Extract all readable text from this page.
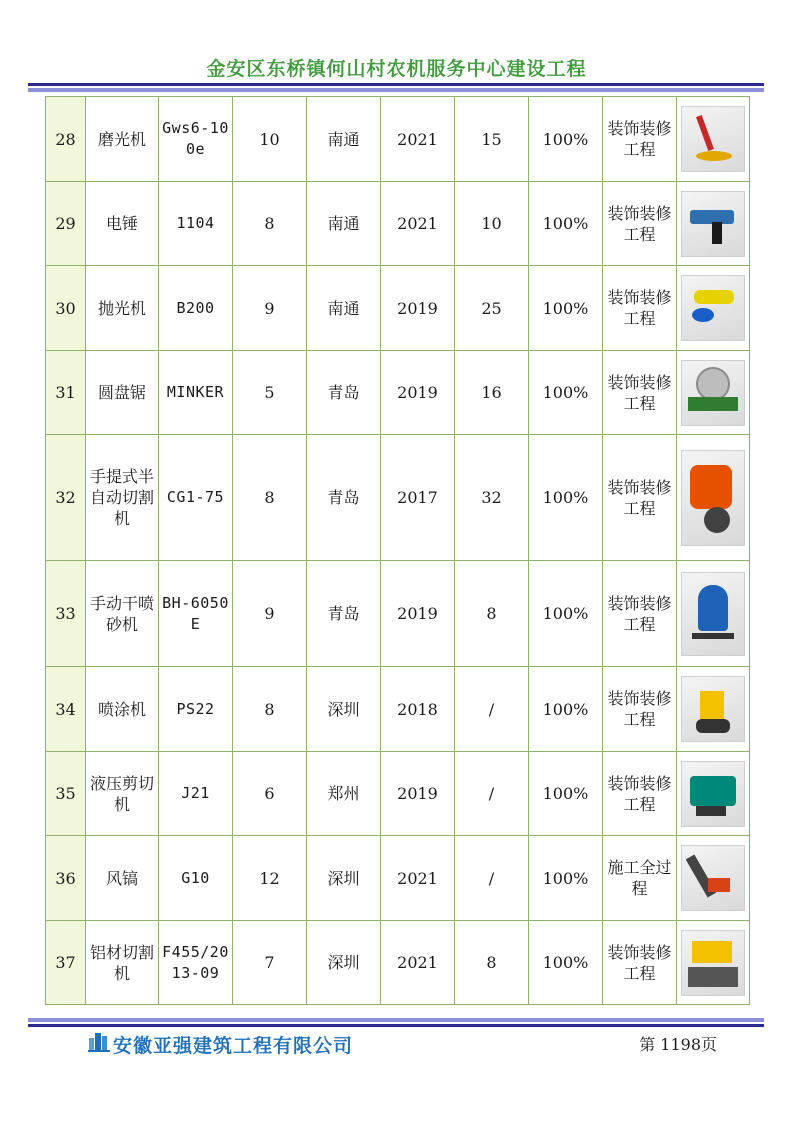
金安区东桥镇何山村农机服务中心建设工程
28	磨光机	Gws6-100e	10	南通	2021	15	100%	装饰装修工程	

29	电锤	1104	8	南通	2021	10	100%	装饰装修工程	

30	抛光机	B200	9	南通	2019	25	100%	装饰装修工程	

31	圆盘锯	MINKER	5	青岛	2019	16	100%	装饰装修工程	

32	手提式半自动切割机	CG1-75	8	青岛	2017	32	100%	装饰装修工程	

33	手动干喷砂机	BH-6050E	9	青岛	2019	8	100%	装饰装修工程	

34	喷涂机	PS22	8	深圳	2018	/	100%	装饰装修工程	

35	液压剪切机	J21	6	郑州	2019	/	100%	装饰装修工程	

36	风镐	G10	12	深圳	2021	/	100%	施工全过程	

37	铝材切割机	F455/2013-09	7	深圳	2021	8	100%	装饰装修工程	
安徽亚强建筑工程有限公司	第 1198页
